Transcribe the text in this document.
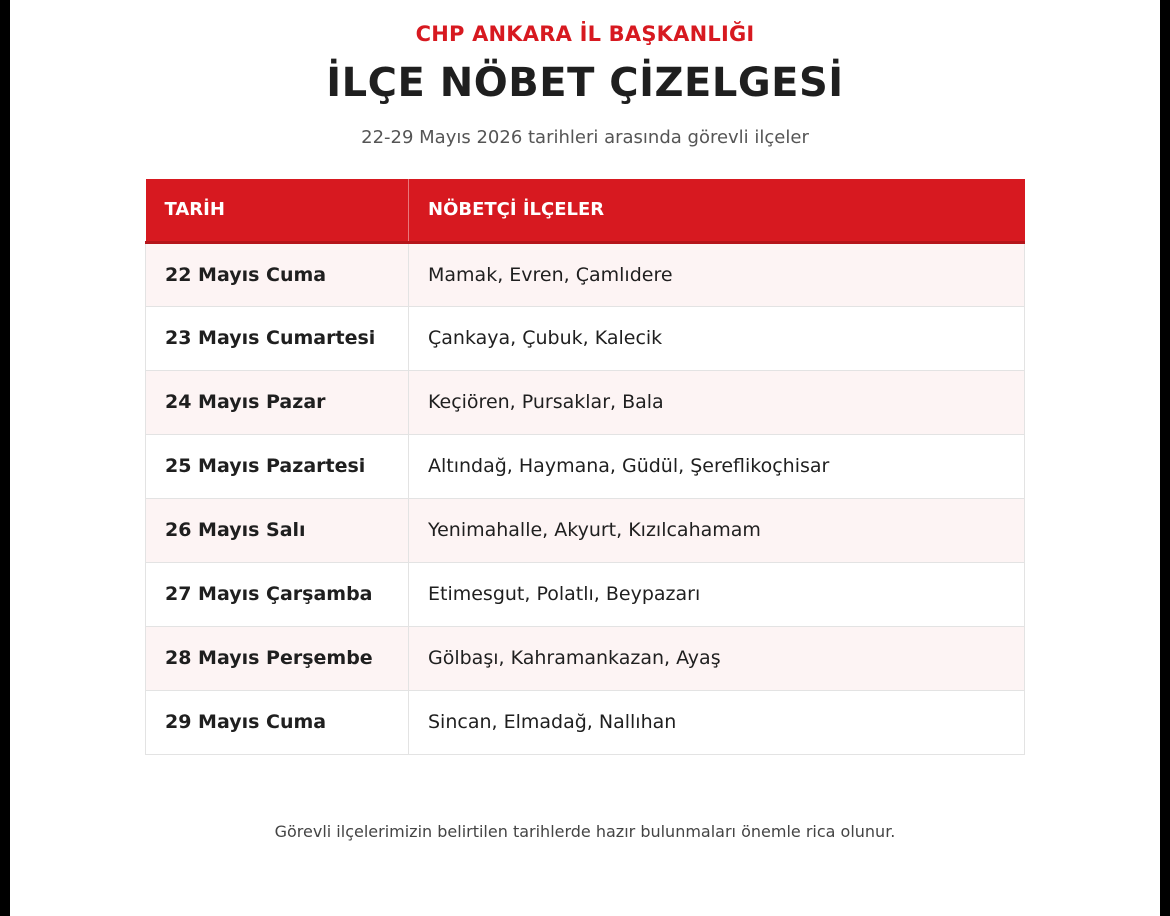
CHP ANKARA İL BAŞKANLIĞI
İLÇE NÖBET ÇİZELGESİ
22-29 Mayıs 2026 tarihleri arasında görevli ilçeler
TARİH	NÖBETÇİ İLÇELER
22 Mayıs Cuma	Mamak, Evren, Çamlıdere
23 Mayıs Cumartesi	Çankaya, Çubuk, Kalecik
24 Mayıs Pazar	Keçiören, Pursaklar, Bala
25 Mayıs Pazartesi	Altındağ, Haymana, Güdül, Şereflikoçhisar
26 Mayıs Salı	Yenimahalle, Akyurt, Kızılcahamam
27 Mayıs Çarşamba	Etimesgut, Polatlı, Beypazarı
28 Mayıs Perşembe	Gölbaşı, Kahramankazan, Ayaş
29 Mayıs Cuma	Sincan, Elmadağ, Nallıhan
Görevli ilçelerimizin belirtilen tarihlerde hazır bulunmaları önemle rica olunur.
